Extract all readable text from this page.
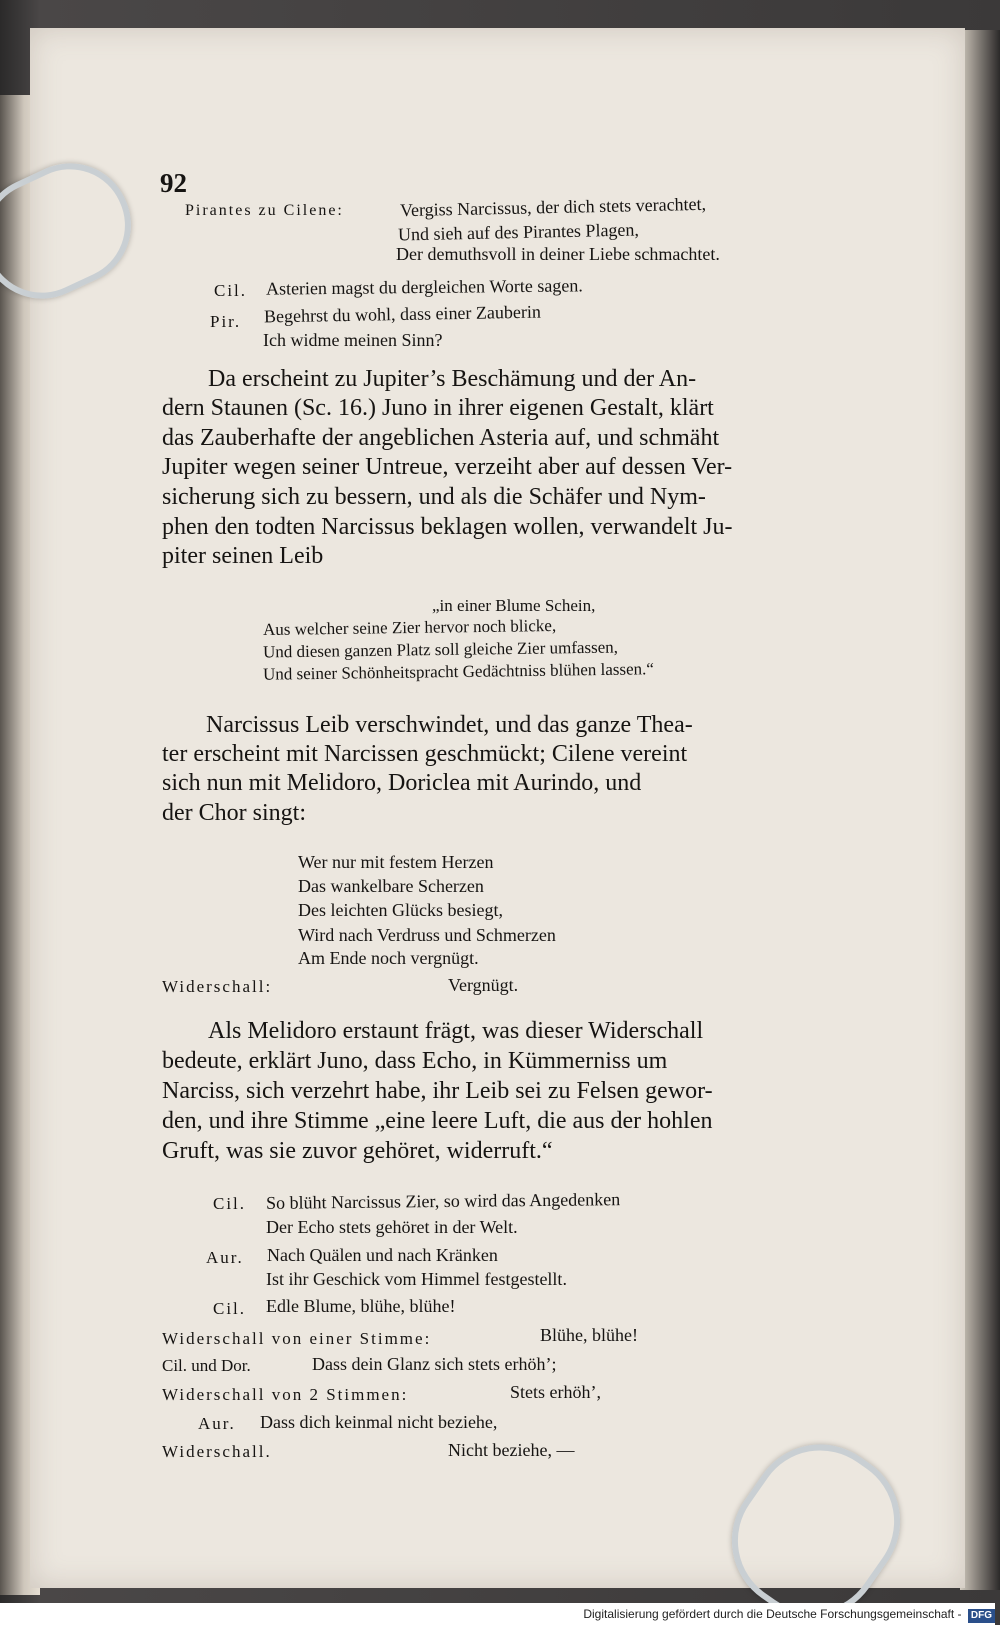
92
Pirantes zu Cilene:	Vergiss Narcissus, der dich stets verachtet,
Und sieh auf des Pirantes Plagen,
Der demuthsvoll in deiner Liebe schmachtet.
Cil. Asterien magst du dergleichen Worte sagen.
Pir. Begehrst du wohl, dass einer Zauberin
Ich widme meinen Sinn?
Da erscheint zu Jupiter’s Beschämung und der An-
dern Staunen (Sc. 16.) Juno in ihrer eigenen Gestalt, klärt
das Zauberhafte der angeblichen Asteria auf, und schmäht
Jupiter wegen seiner Untreue, verzeiht aber auf dessen Ver-
sicherung sich zu bessern, und als die Schäfer und Nym-
phen den todten Narcissus beklagen wollen, verwandelt Ju-
piter seinen Leib
„in einer Blume Schein,
Aus welcher seine Zier hervor noch blicke,
Und diesen ganzen Platz soll gleiche Zier umfassen,
Und seiner Schönheitspracht Gedächtniss blühen lassen.“
Narcissus Leib verschwindet, und das ganze Thea-
ter erscheint mit Narcissen geschmückt; Cilene vereint
sich nun mit Melidoro, Doriclea mit Aurindo, und
der Chor singt:
Wer nur mit festem Herzen
Das wankelbare Scherzen
Des leichten Glücks besiegt,
Wird nach Verdruss und Schmerzen
Am Ende noch vergnügt.
Widerschall:	Vergnügt.
Als Melidoro erstaunt frägt, was dieser Widerschall
bedeute, erklärt Juno, dass Echo, in Kümmerniss um
Narciss, sich verzehrt habe, ihr Leib sei zu Felsen gewor-
den, und ihre Stimme „eine leere Luft, die aus der hohlen
Gruft, was sie zuvor gehöret, widerruft.“
Cil. So blüht Narcissus Zier, so wird das Angedenken
Der Echo stets gehöret in der Welt.
Aur. Nach Quälen und nach Kränken
Ist ihr Geschick vom Himmel festgestellt.
Cil. Edle Blume, blühe, blühe!
Widerschall von einer Stimme:	Blühe, blühe!
Cil. und Dor.	Dass dein Glanz sich stets erhöh’;
Widerschall von 2 Stimmen:	Stets erhöh’,
Aur. Dass dich keinmal nicht beziehe,
Widerschall.	Nicht beziehe, —
Digitalisierung gefördert durch die Deutsche Forschungsgemeinschaft - DFG
